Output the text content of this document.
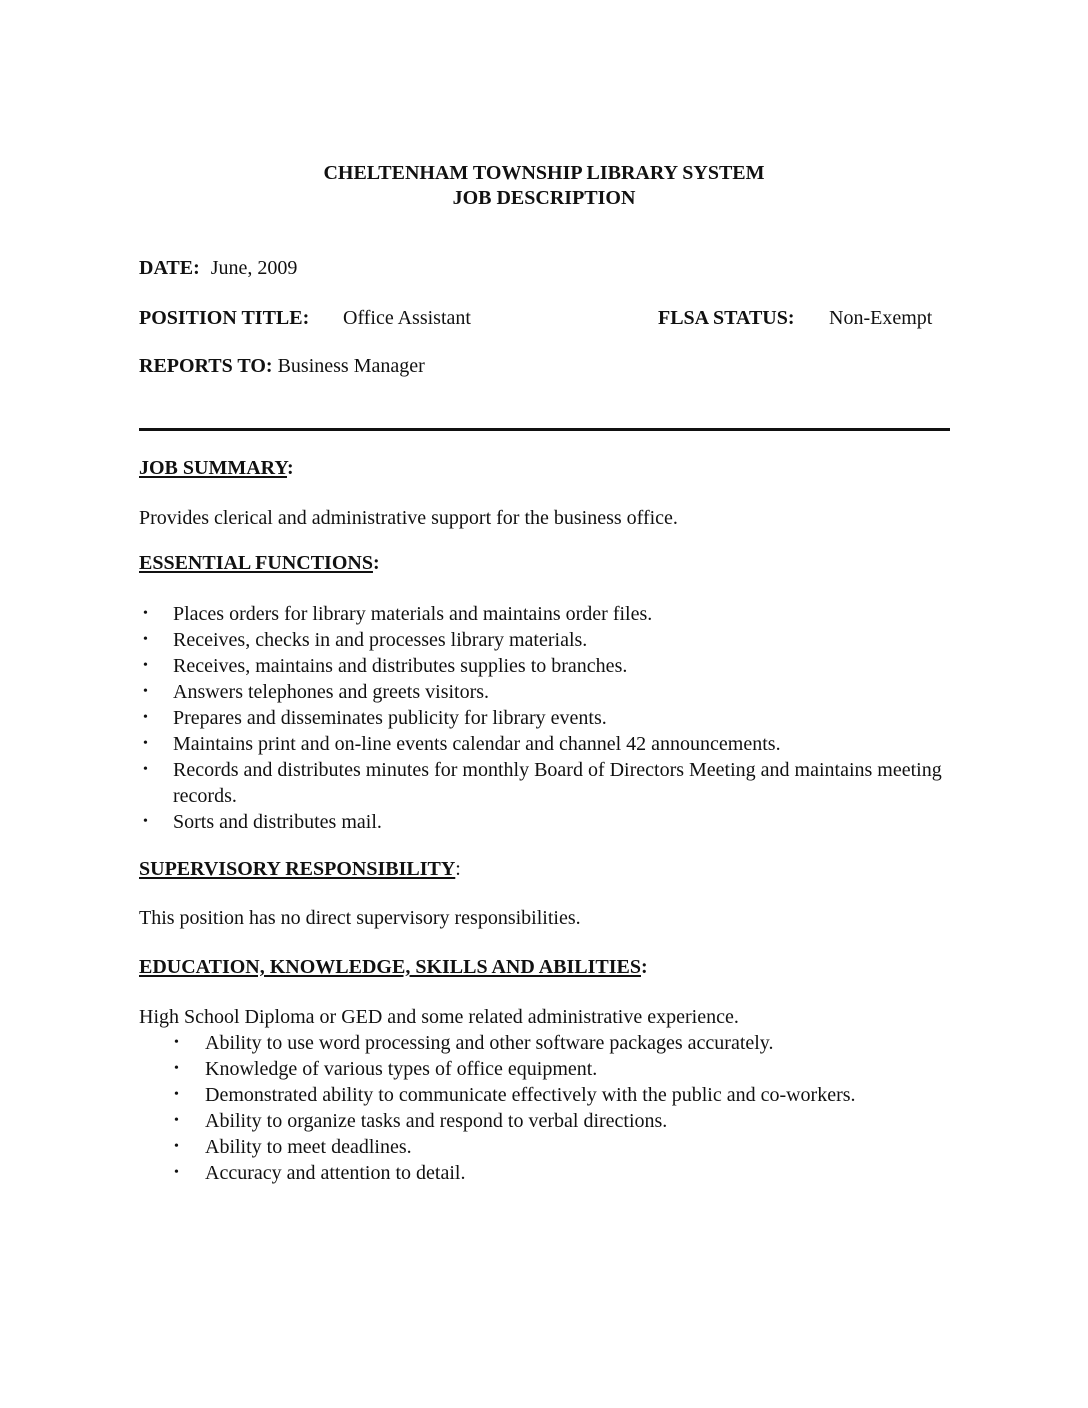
CHELTENHAM TOWNSHIP LIBRARY SYSTEM
JOB DESCRIPTION
DATE: June, 2009
POSITION TITLE: Office Assistant	FLSA STATUS: Non-Exempt
REPORTS TO: Business Manager
JOB SUMMARY:
Provides clerical and administrative support for the business office.
ESSENTIAL FUNCTIONS:
• Places orders for library materials and maintains order files.
• Receives, checks in and processes library materials.
• Receives, maintains and distributes supplies to branches.
• Answers telephones and greets visitors.
• Prepares and disseminates publicity for library events.
• Maintains print and on-line events calendar and channel 42 announcements.
• Records and distributes minutes for monthly Board of Directors Meeting and maintains meeting records.
• Sorts and distributes mail.
SUPERVISORY RESPONSIBILITY:
This position has no direct supervisory responsibilities.
EDUCATION, KNOWLEDGE, SKILLS AND ABILITIES:
High School Diploma or GED and some related administrative experience.
• Ability to use word processing and other software packages accurately.
• Knowledge of various types of office equipment.
• Demonstrated ability to communicate effectively with the public and co-workers.
• Ability to organize tasks and respond to verbal directions.
• Ability to meet deadlines.
• Accuracy and attention to detail.
